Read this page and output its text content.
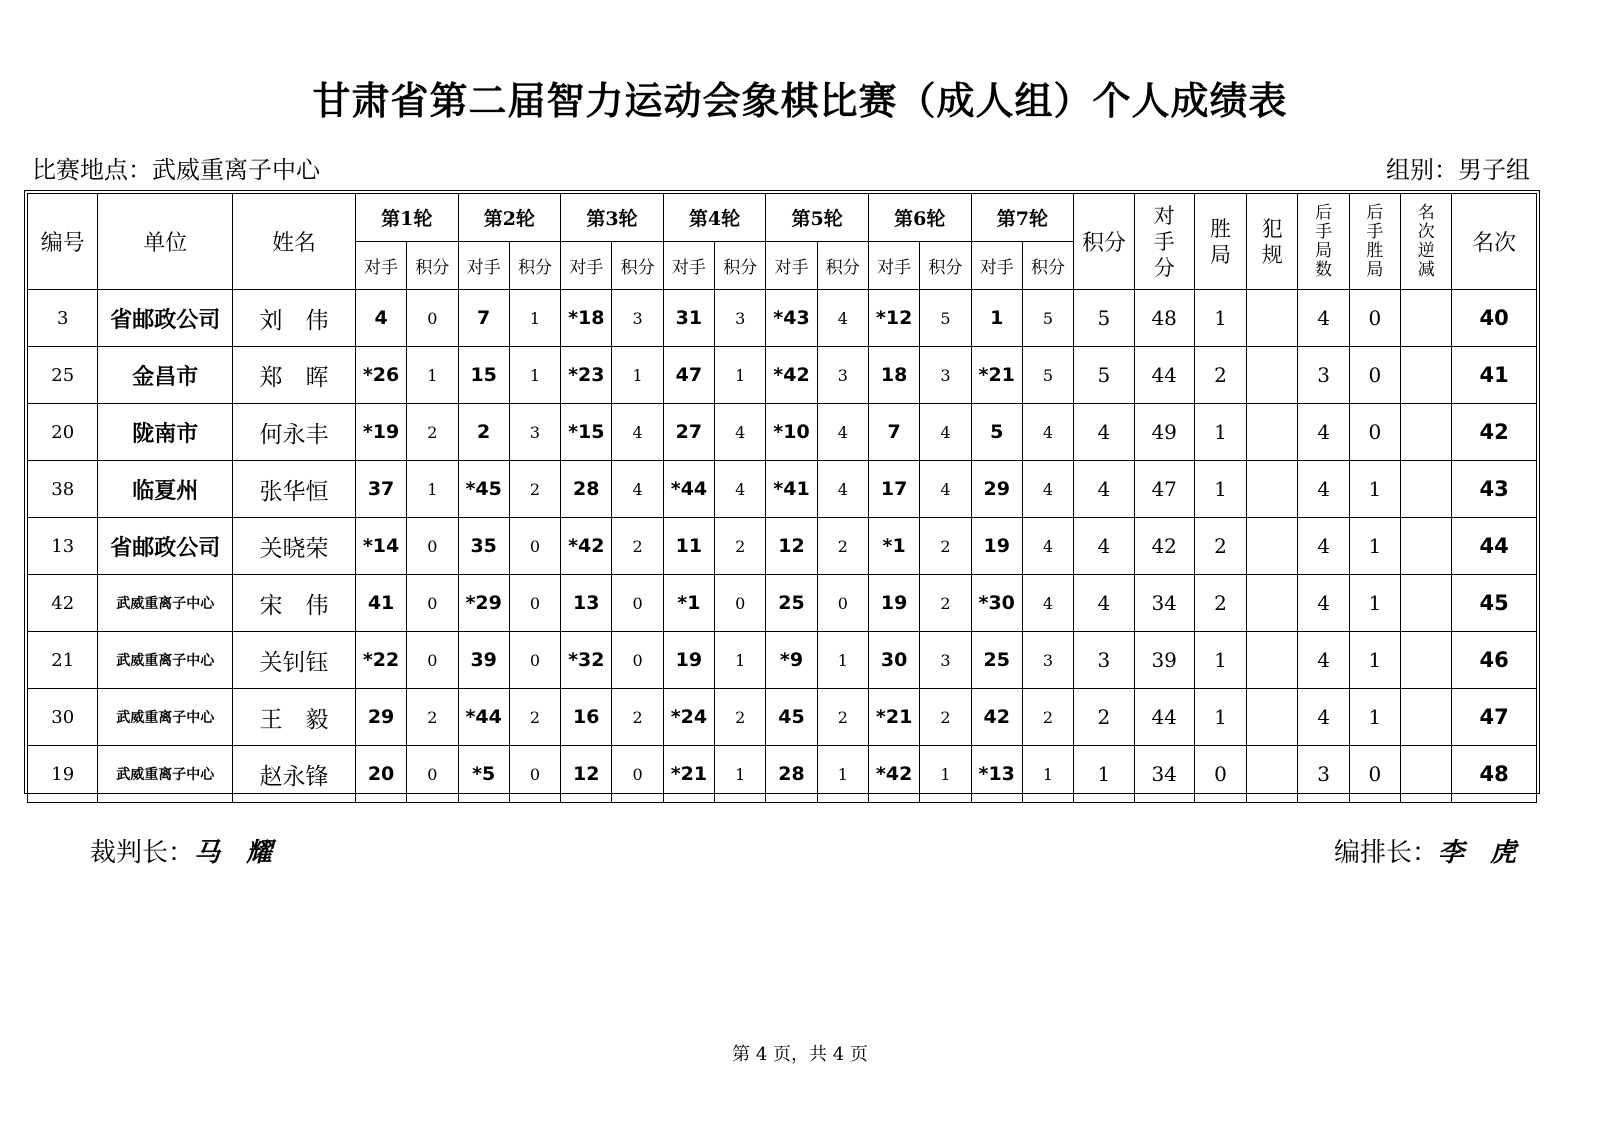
甘肃省第二届智力运动会象棋比赛（成人组）个人成绩表
比赛地点：武威重离子中心	组别：男子组
编号	单位	姓名	第1轮		第2轮		第3轮		第4轮		第5轮		第6轮		第7轮		积分	对手分	胜局	犯规	后手局数	后手胜局	名次逆减	名次
			对手	积分	对手	积分	对手	积分	对手	积分	对手	积分	对手	积分	对手	积分								
3	省邮政公司	刘　伟	4	0	7	1	*18	3	31	3	*43	4	*12	5	1	5	5	48	1		4	0		40
25	金昌市	郑　晖	*26	1	15	1	*23	1	47	1	*42	3	18	3	*21	5	5	44	2		3	0		41
20	陇南市	何永丰	*19	2	2	3	*15	4	27	4	*10	4	7	4	5	4	4	49	1		4	0		42
38	临夏州	张华恒	37	1	*45	2	28	4	*44	4	*41	4	17	4	29	4	4	47	1		4	1		43
13	省邮政公司	关晓荣	*14	0	35	0	*42	2	11	2	12	2	*1	2	19	4	4	42	2		4	1		44
42	武威重离子中心	宋　伟	41	0	*29	0	13	0	*1	0	25	0	19	2	*30	4	4	34	2		4	1		45
21	武威重离子中心	关钊钰	*22	0	39	0	*32	0	19	1	*9	1	30	3	25	3	3	39	1		4	1		46
30	武威重离子中心	王　毅	29	2	*44	2	16	2	*24	2	45	2	*21	2	42	2	2	44	1		4	1		47
19	武威重离子中心	赵永锋	20	0	*5	0	12	0	*21	1	28	1	*42	1	*13	1	1	34	0		3	0		48
裁判长：马　耀	编排长：李　虎
第 4 页，共 4 页
